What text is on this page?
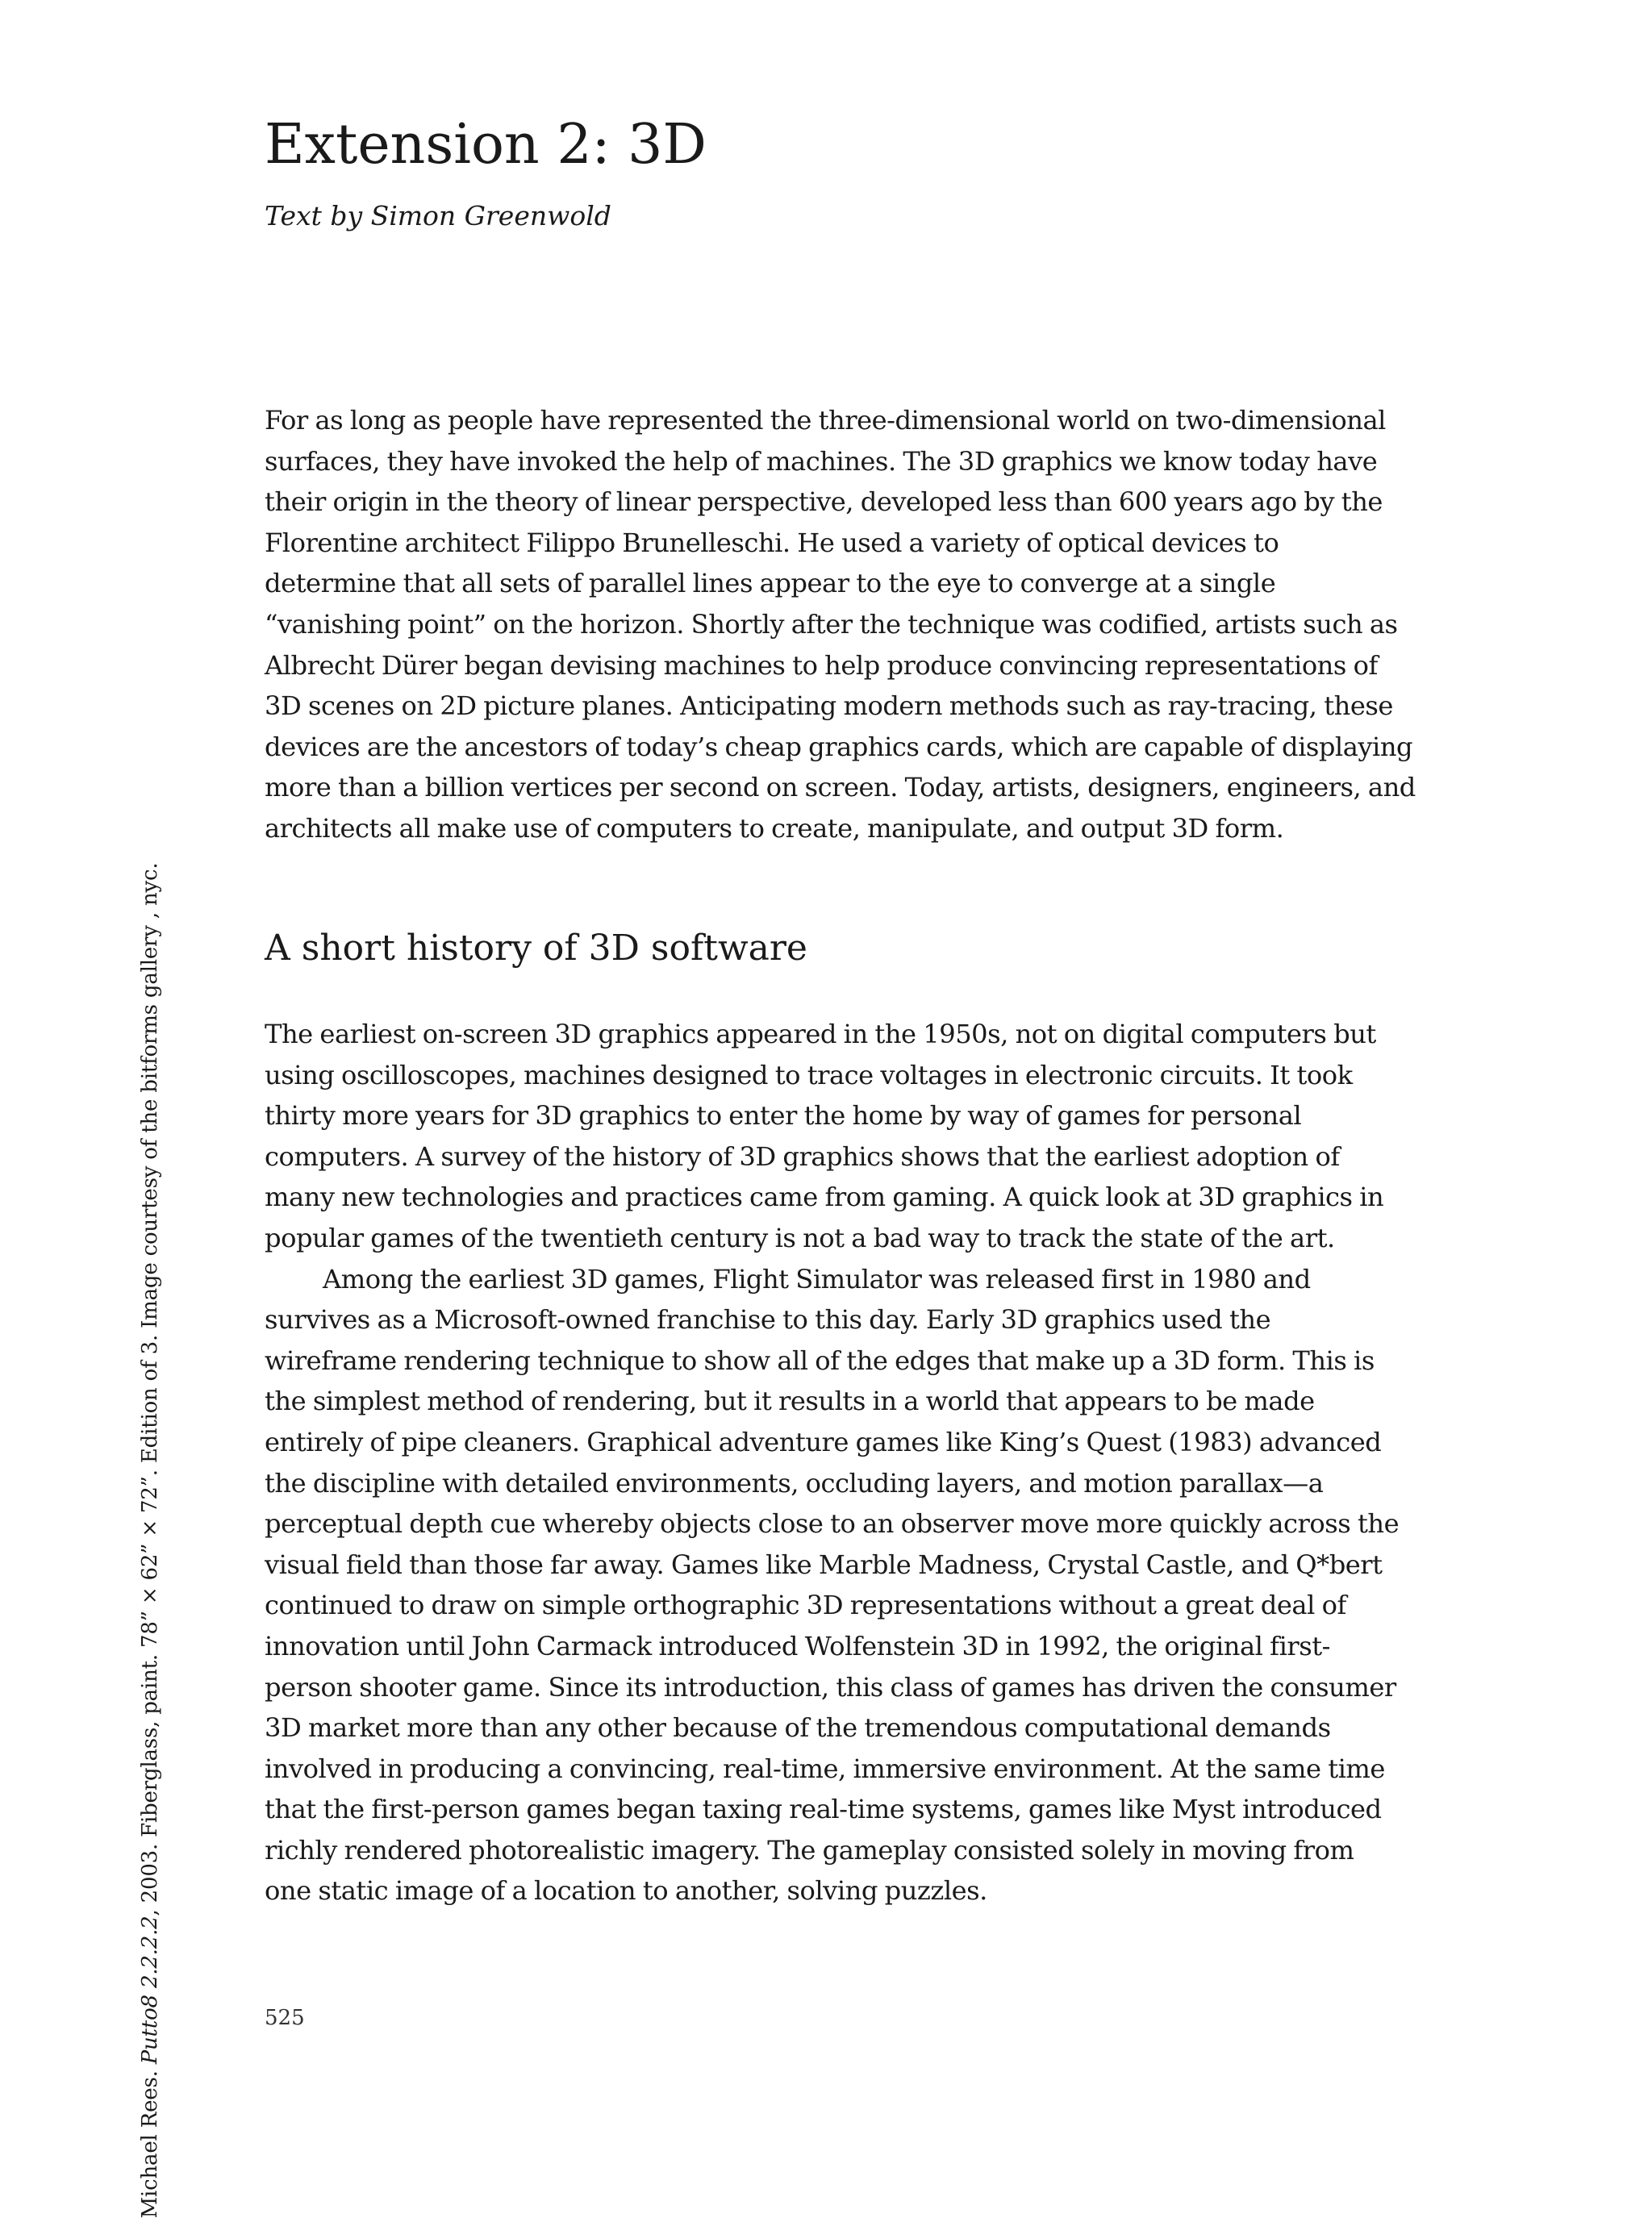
Extension 2: 3D

Text by Simon Greenwold

For as long as people have represented the three-dimensional world on two-dimensional
surfaces, they have invoked the help of machines. The 3D graphics we know today have
their origin in the theory of linear perspective, developed less than 600 years ago by the
Florentine architect Filippo Brunelleschi. He used a variety of optical devices to
determine that all sets of parallel lines appear to the eye to converge at a single
“vanishing point” on the horizon. Shortly after the technique was codified, artists such as
Albrecht Dürer began devising machines to help produce convincing representations of
3D scenes on 2D picture planes. Anticipating modern methods such as ray-tracing, these
devices are the ancestors of today’s cheap graphics cards, which are capable of displaying
more than a billion vertices per second on screen. Today, artists, designers, engineers, and
architects all make use of computers to create, manipulate, and output 3D form.
A short history of 3D software
The earliest on-screen 3D graphics appeared in the 1950s, not on digital computers but
using oscilloscopes, machines designed to trace voltages in electronic circuits. It took
thirty more years for 3D graphics to enter the home by way of games for personal
computers. A survey of the history of 3D graphics shows that the earliest adoption of
many new technologies and practices came from gaming. A quick look at 3D graphics in
popular games of the twentieth century is not a bad way to track the state of the art.
Among the earliest 3D games, Flight Simulator was released first in 1980 and
survives as a Microsoft-owned franchise to this day. Early 3D graphics used the
wireframe rendering technique to show all of the edges that make up a 3D form. This is
the simplest method of rendering, but it results in a world that appears to be made
entirely of pipe cleaners. Graphical adventure games like King’s Quest (1983) advanced
the discipline with detailed environments, occluding layers, and motion parallax—a
perceptual depth cue whereby objects close to an observer move more quickly across the
visual field than those far away. Games like Marble Madness, Crystal Castle, and Q*bert
continued to draw on simple orthographic 3D representations without a great deal of
innovation until John Carmack introduced Wolfenstein 3D in 1992, the original first-
person shooter game. Since its introduction, this class of games has driven the consumer
3D market more than any other because of the tremendous computational demands
involved in producing a convincing, real-time, immersive environment. At the same time
that the first-person games began taxing real-time systems, games like Myst introduced
richly rendered photorealistic imagery. The gameplay consisted solely in moving from
one static image of a location to another, solving puzzles.
Michael Rees. Putto8 2.2.2.2, 2003. Fiberglass, paint. 78” × 62” × 72”. Edition of 3. Image courtesy of the bitforms gallery , nyc.

525
